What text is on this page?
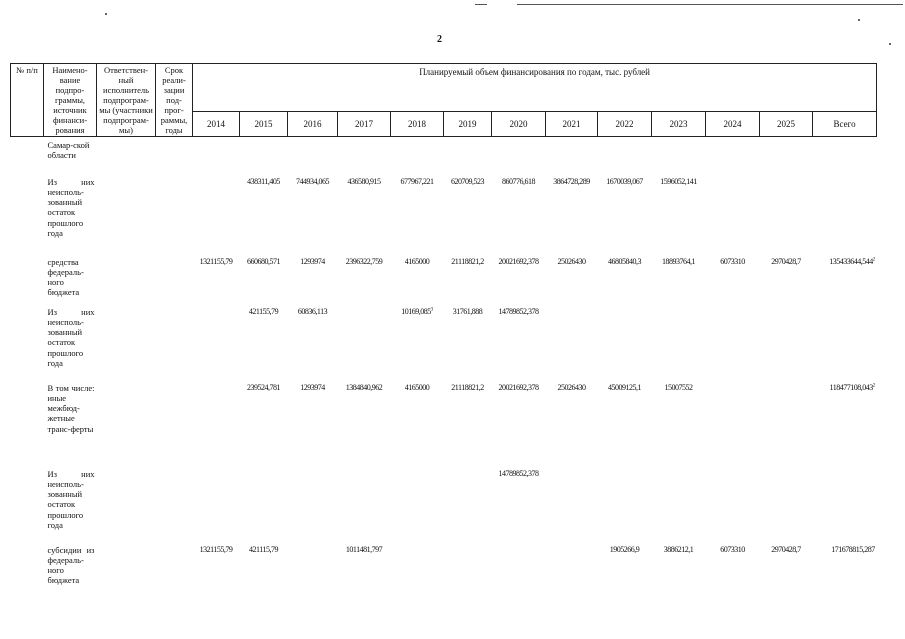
2
№ п/п	Наимено-вание подпро-граммы, источник финанси-рования	Ответствен-ный исполнитель подпрограм-мы (участники подпрограм-мы)	Срок реали-зации под-прог-раммы, годы	Планируемый объем финансирования по годам, тыс. рублей												
				2014	2015	2016	2017	2018	2019	2020	2021	2022	2023	2024	2025	Всего
	Самар-ской области															
	Из них неисполь-зованный остаток прошлого года				438311,405	744934,065	436580,915	677967,221	620709,523	860776,618	3864728,289	1670039,067	1596052,141			
	средства федераль-ного бюджета			1321155,79	660680,571	1293974	2396322,759	4165000	21118821,2	20021692,378	25026430	46805840,3	18893764,1	6073310	2970428,7	135433644,544$^2$
	Из них неисполь-зованный остаток прошлого года				421155,79	60836,113		10169,085$^3$	31761,888	14789852,378						
	В том числе: иные межбюд-жетные транс-ферты				239524,781	1293974	1384840,962	4165000	21118821,2	20021692,378	25026430	45009125,1	15007552			118477108,043$^2$
	Из них неисполь-зованный остаток прошлого года									14789852,378						
	субсидии из федераль-ного бюджета			1321155,79	421115,79		1011481,797					1905266,9	3886212,1	6073310	2970428,7	171678815,287
